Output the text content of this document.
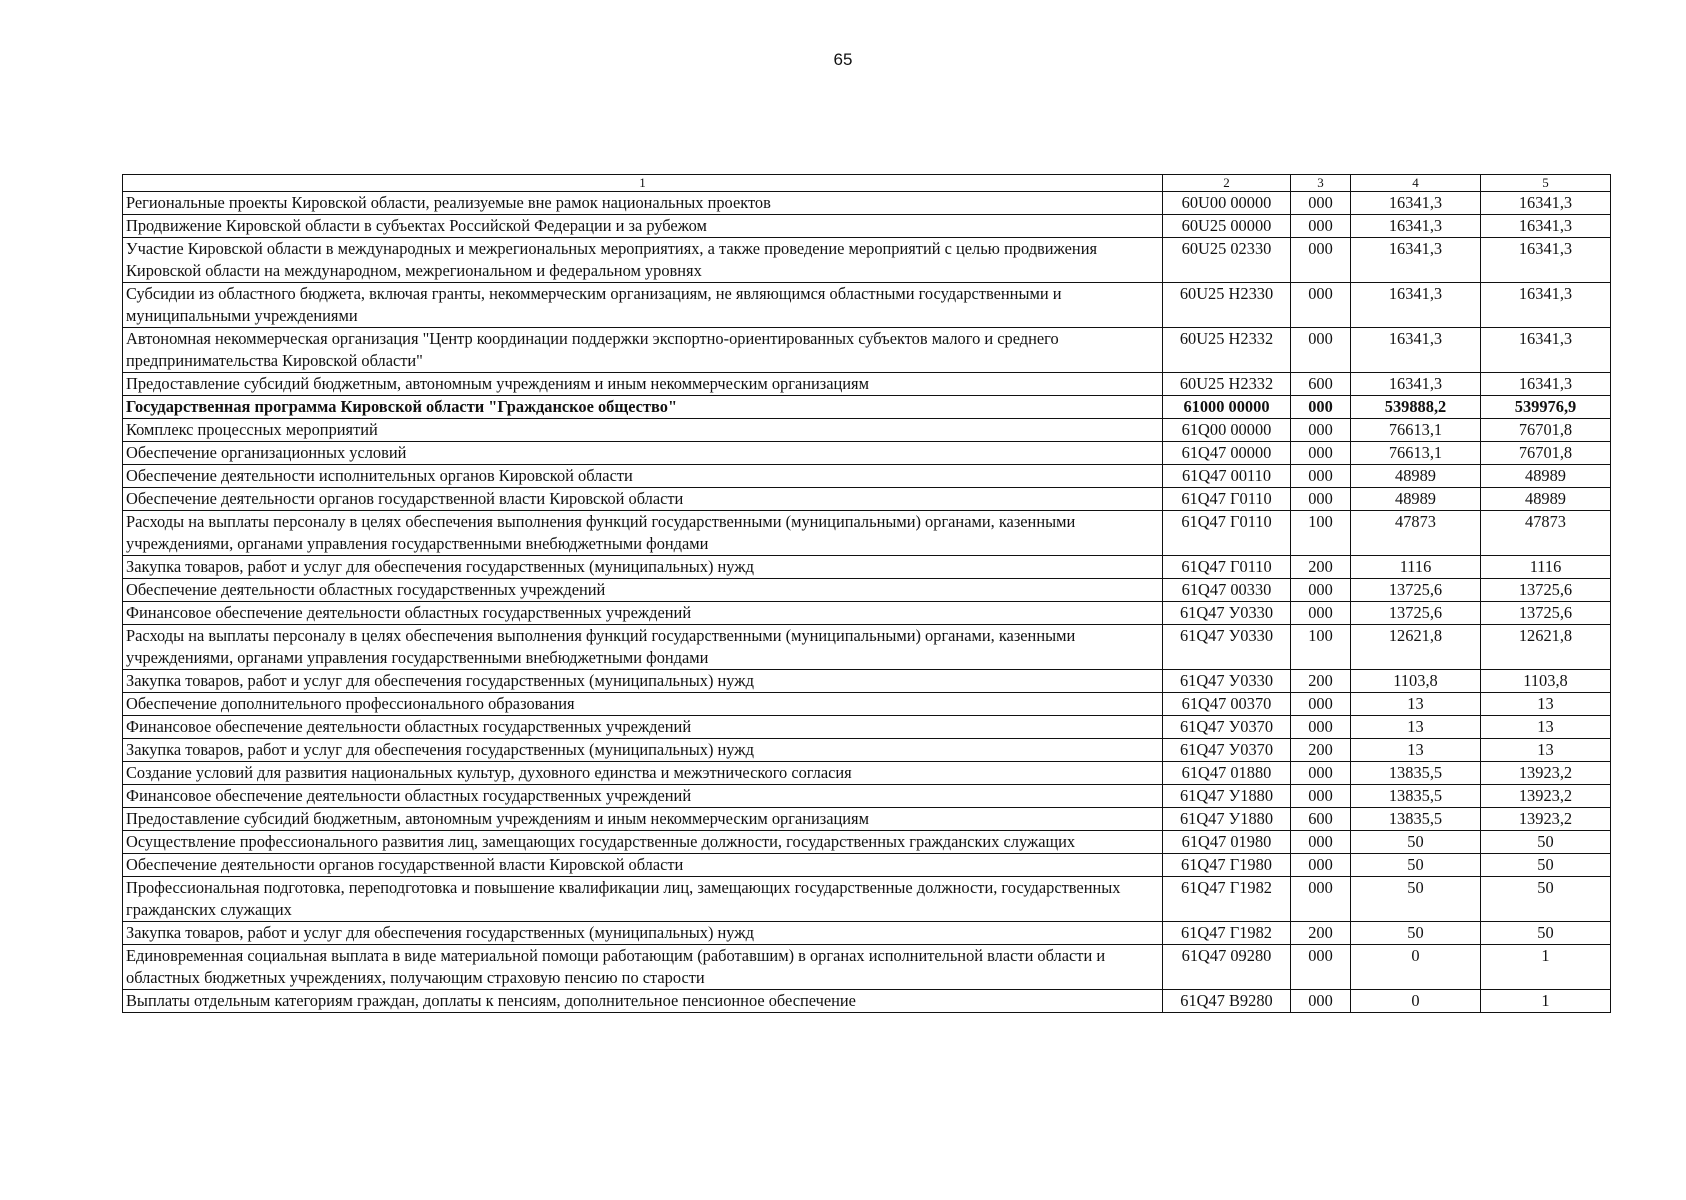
65
1	2	3	4	5
Региональные проекты Кировской области, реализуемые вне рамок национальных проектов	60U00 00000	000	16341,3	16341,3
Продвижение Кировской области в субъектах Российской Федерации и за рубежом	60U25 00000	000	16341,3	16341,3
Участие Кировской области в международных и межрегиональных мероприятиях, а также проведение мероприятий с целью продвижения Кировской области на международном, межрегиональном и федеральном уровнях	60U25 02330	000	16341,3	16341,3
Субсидии из областного бюджета, включая гранты, некоммерческим организациям, не являющимся областными государственными и муниципальными учреждениями	60U25 Н2330	000	16341,3	16341,3
Автономная некоммерческая организация "Центр координации поддержки экспортно-ориентированных субъектов малого и среднего предпринимательства Кировской области"	60U25 Н2332	000	16341,3	16341,3
Предоставление субсидий бюджетным, автономным учреждениям и иным некоммерческим организациям	60U25 Н2332	600	16341,3	16341,3
Государственная программа Кировской области "Гражданское общество"	61000 00000	000	539888,2	539976,9
Комплекс процессных мероприятий	61Q00 00000	000	76613,1	76701,8
Обеспечение организационных условий	61Q47 00000	000	76613,1	76701,8
Обеспечение деятельности исполнительных органов Кировской области	61Q47 00110	000	48989	48989
Обеспечение деятельности органов государственной власти Кировской области	61Q47 Г0110	000	48989	48989
Расходы на выплаты персоналу в целях обеспечения выполнения функций государственными (муниципальными) органами, казенными учреждениями, органами управления государственными внебюджетными фондами	61Q47 Г0110	100	47873	47873
Закупка товаров, работ и услуг для обеспечения государственных (муниципальных) нужд	61Q47 Г0110	200	1116	1116
Обеспечение деятельности областных государственных учреждений	61Q47 00330	000	13725,6	13725,6
Финансовое обеспечение деятельности областных государственных учреждений	61Q47 У0330	000	13725,6	13725,6
Расходы на выплаты персоналу в целях обеспечения выполнения функций государственными (муниципальными) органами, казенными учреждениями, органами управления государственными внебюджетными фондами	61Q47 У0330	100	12621,8	12621,8
Закупка товаров, работ и услуг для обеспечения государственных (муниципальных) нужд	61Q47 У0330	200	1103,8	1103,8
Обеспечение дополнительного профессионального образования	61Q47 00370	000	13	13
Финансовое обеспечение деятельности областных государственных учреждений	61Q47 У0370	000	13	13
Закупка товаров, работ и услуг для обеспечения государственных (муниципальных) нужд	61Q47 У0370	200	13	13
Создание условий для развития национальных культур, духовного единства и межэтнического согласия	61Q47 01880	000	13835,5	13923,2
Финансовое обеспечение деятельности областных государственных учреждений	61Q47 У1880	000	13835,5	13923,2
Предоставление субсидий бюджетным, автономным учреждениям и иным некоммерческим организациям	61Q47 У1880	600	13835,5	13923,2
Осуществление профессионального развития лиц, замещающих государственные должности, государственных гражданских служащих	61Q47 01980	000	50	50
Обеспечение деятельности органов государственной власти Кировской области	61Q47 Г1980	000	50	50
Профессиональная подготовка, переподготовка и повышение квалификации лиц, замещающих государственные должности, государственных гражданских служащих	61Q47 Г1982	000	50	50
Закупка товаров, работ и услуг для обеспечения государственных (муниципальных) нужд	61Q47 Г1982	200	50	50
Единовременная социальная выплата в виде материальной помощи работающим (работавшим) в органах исполнительной власти области и областных бюджетных учреждениях, получающим страховую пенсию по старости	61Q47 09280	000	0	1
Выплаты отдельным категориям граждан, доплаты к пенсиям, дополнительное пенсионное обеспечение	61Q47 В9280	000	0	1
